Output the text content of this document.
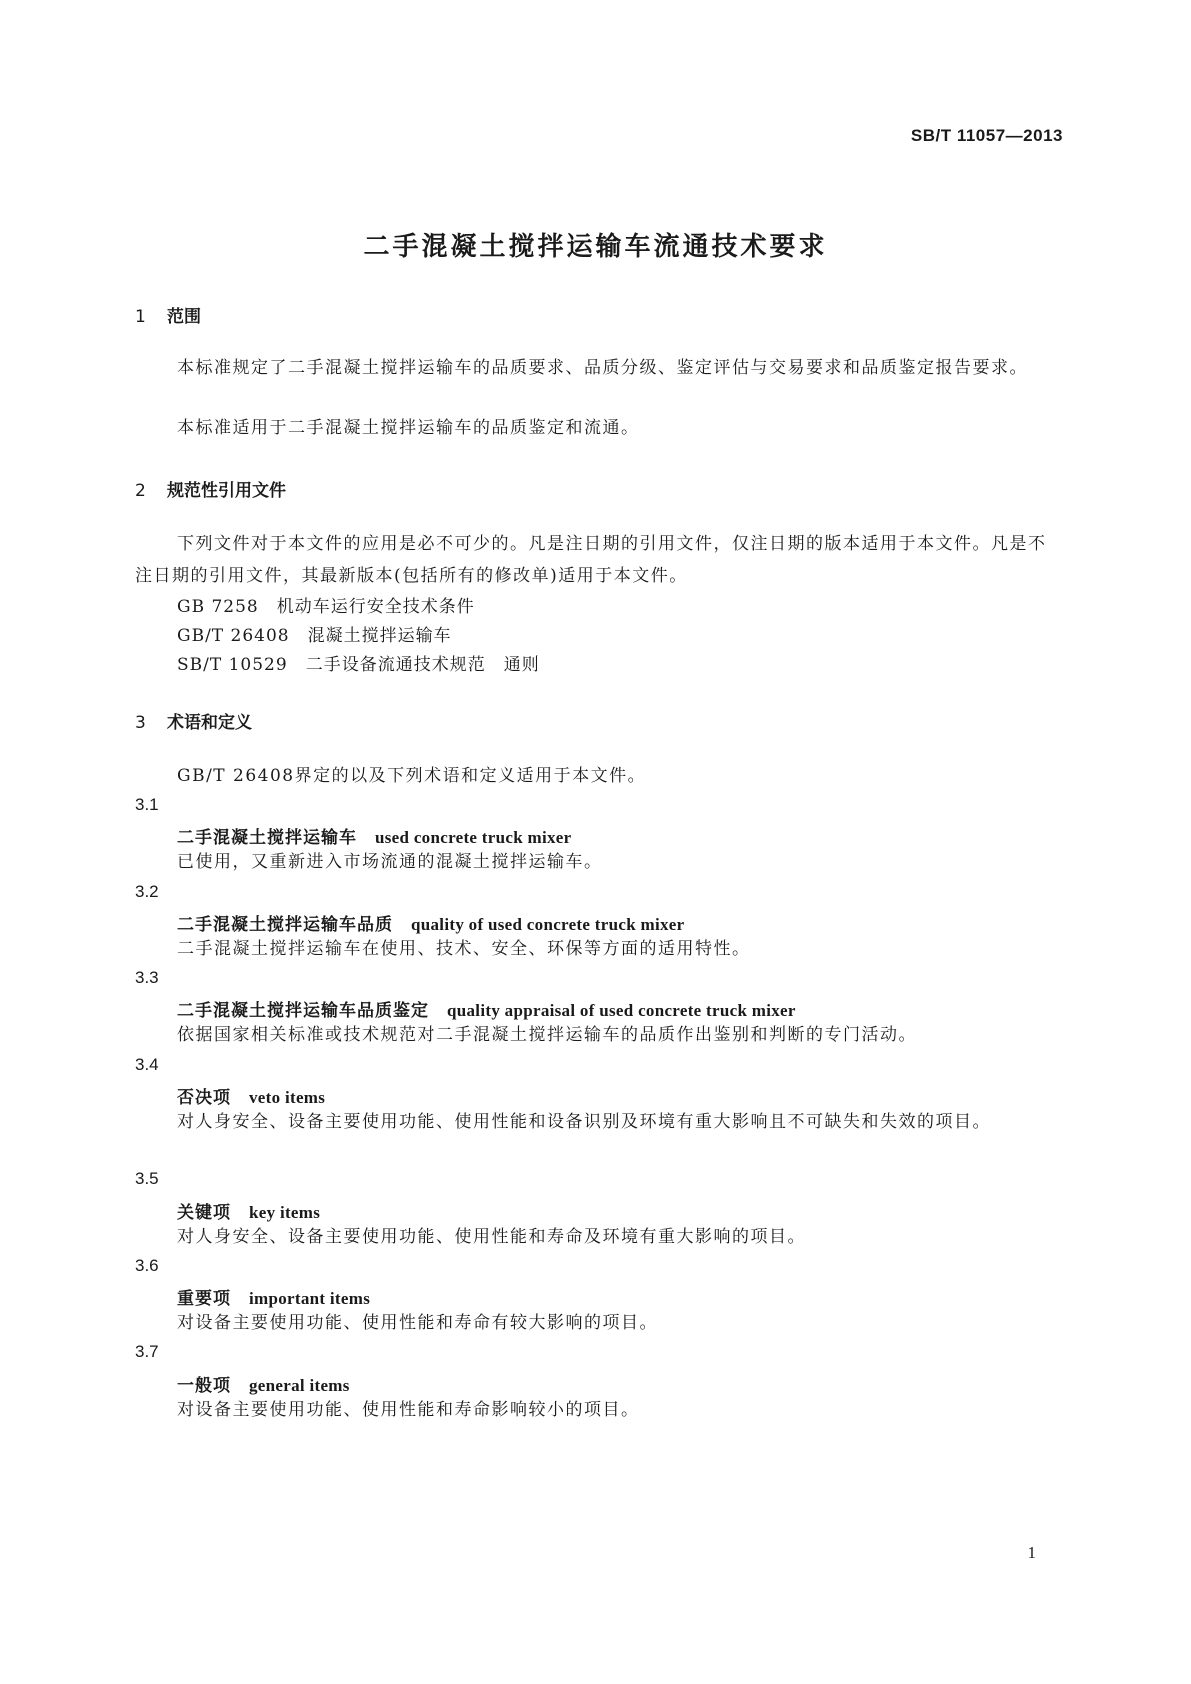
SB/T 11057—2013
二手混凝土搅拌运输车流通技术要求
1 范围
本标准规定了二手混凝土搅拌运输车的品质要求、品质分级、鉴定评估与交易要求和品质鉴定报告要求。
本标准适用于二手混凝土搅拌运输车的品质鉴定和流通。
2 规范性引用文件
下列文件对于本文件的应用是必不可少的。凡是注日期的引用文件，仅注日期的版本适用于本文件。凡是不注日期的引用文件，其最新版本(包括所有的修改单)适用于本文件。
GB 7258 机动车运行安全技术条件
GB/T 26408 混凝土搅拌运输车
SB/T 10529 二手设备流通技术规范　通则
3 术语和定义
GB/T 26408界定的以及下列术语和定义适用于本文件。
3.1
二手混凝土搅拌运输车 used concrete truck mixer
已使用，又重新进入市场流通的混凝土搅拌运输车。
3.2
二手混凝土搅拌运输车品质 quality of used concrete truck mixer
二手混凝土搅拌运输车在使用、技术、安全、环保等方面的适用特性。
3.3
二手混凝土搅拌运输车品质鉴定 quality appraisal of used concrete truck mixer
依据国家相关标准或技术规范对二手混凝土搅拌运输车的品质作出鉴别和判断的专门活动。
3.4
否决项 veto items
对人身安全、设备主要使用功能、使用性能和设备识别及环境有重大影响且不可缺失和失效的项目。
3.5
关键项 key items
对人身安全、设备主要使用功能、使用性能和寿命及环境有重大影响的项目。
3.6
重要项 important items
对设备主要使用功能、使用性能和寿命有较大影响的项目。
3.7
一般项 general items
对设备主要使用功能、使用性能和寿命影响较小的项目。
1
